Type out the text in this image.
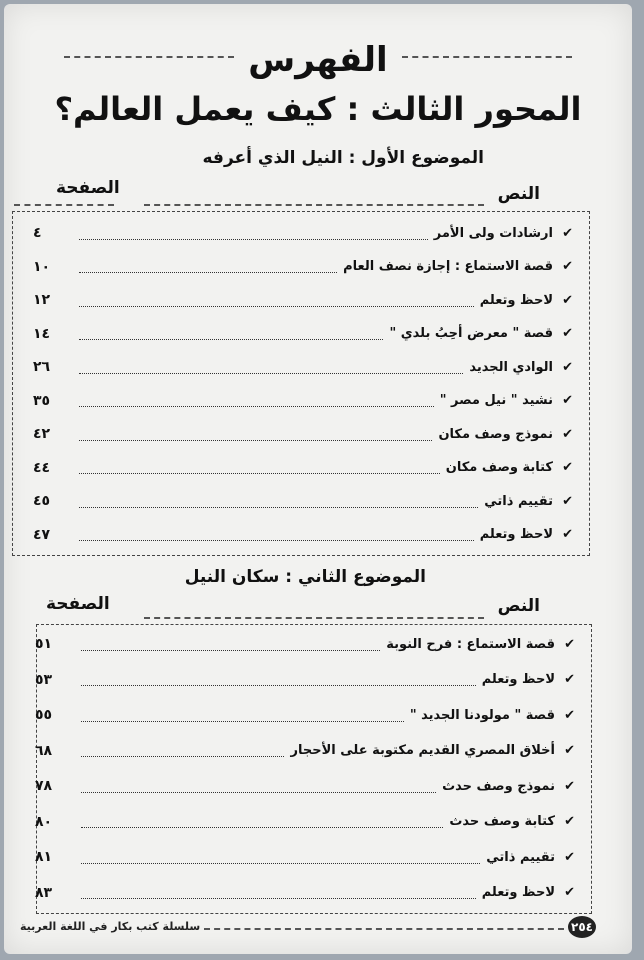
الفهرس
المحور الثالث : كيف يعمل العالم؟
الموضوع الأول : النيل الذي أعرفه
النص
الصفحة
✔
ارشادات ولى الأمر
٤
✔
قصة الاستماع : إجازة نصف العام
١٠
✔
لاحظ وتعلم
١٢
✔
قصة " معرض أحِبُ بلدي "
١٤
✔
الوادي الجديد
٢٦
✔
نشيد " نيل مصر "
٣٥
✔
نموذج وصف مكان
٤٢
✔
كتابة وصف مكان
٤٤
✔
تقييم ذاتي
٤٥
✔
لاحظ وتعلم
٤٧
الموضوع الثاني : سكان النيل
النص
الصفحة
✔
قصة الاستماع : فرح النوبة
٥١
✔
لاحظ وتعلم
٥٣
✔
قصة " مولودنا الجديد "
٥٥
✔
أخلاق المصري القديم مكتوبة على الأحجار
٦٨
✔
نموذج وصف حدث
٧٨
✔
كتابة وصف حدث
٨٠
✔
تقييم ذاتي
٨١
✔
لاحظ وتعلم
٨٣
سلسلة كتب بكار في اللغة العربية	٢٥٤
